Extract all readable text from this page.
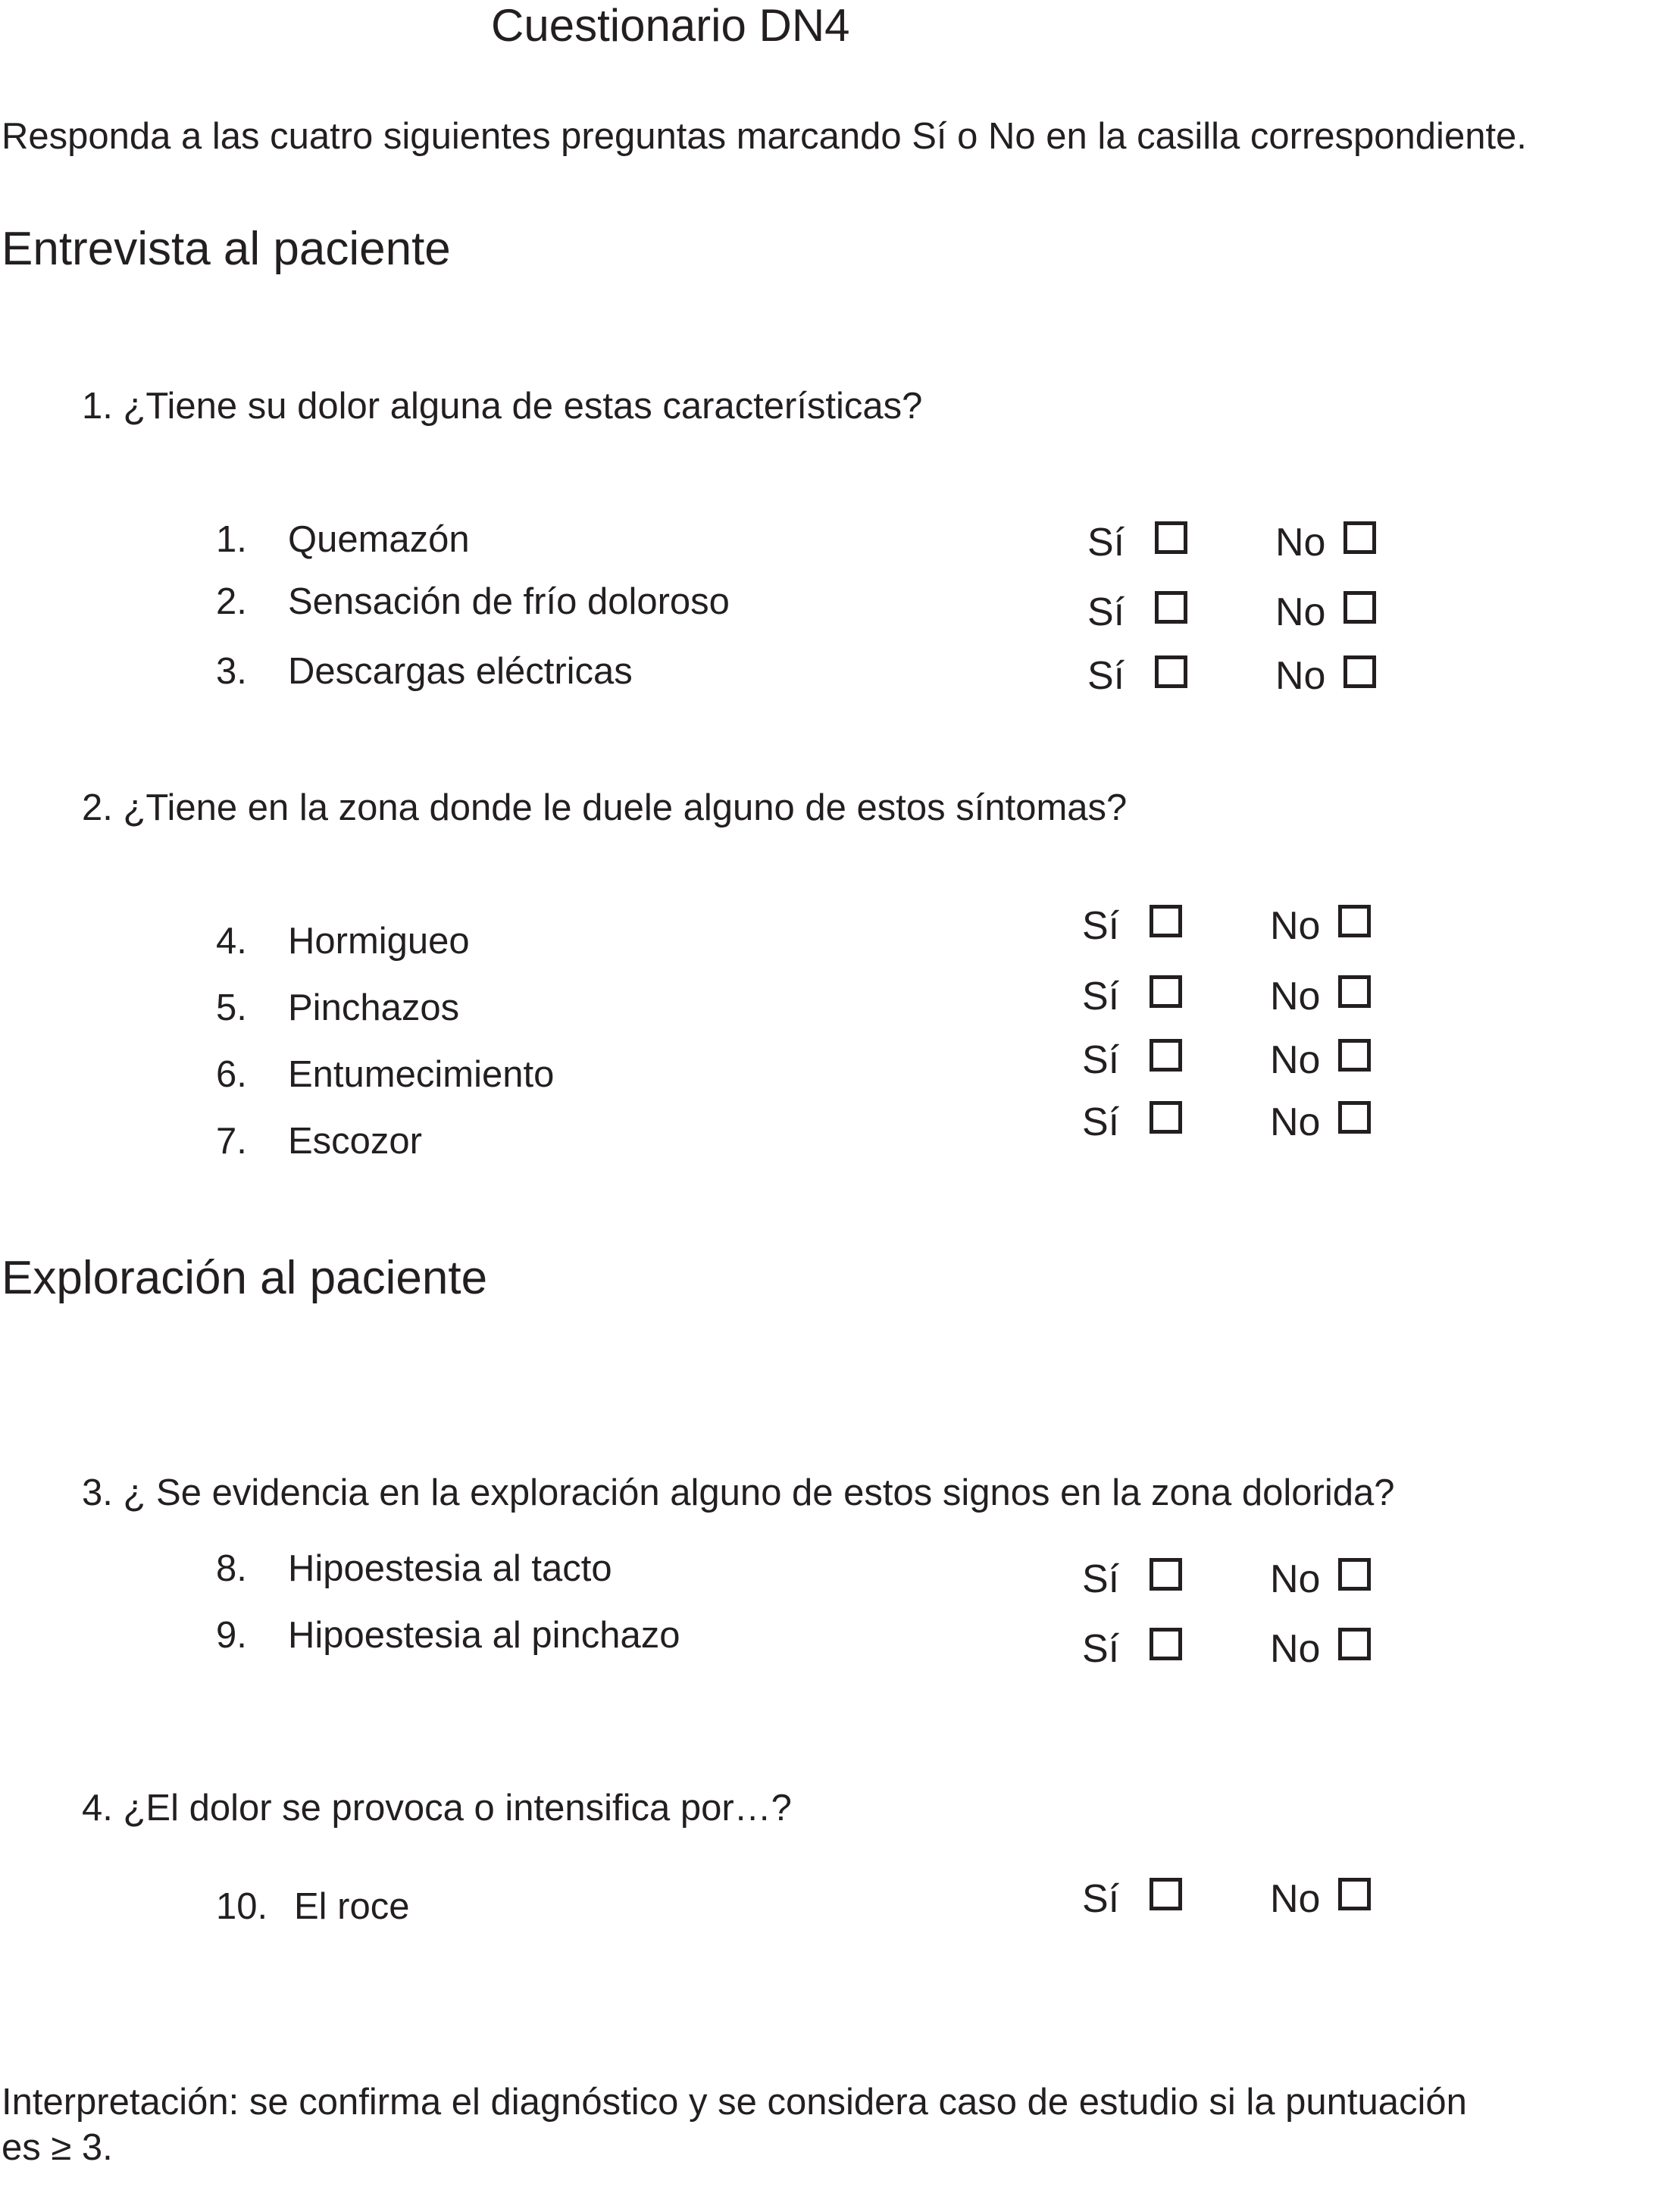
Cuestionario DN4
Responda a las cuatro siguientes preguntas marcando Sí o No en la casilla correspondiente.
Entrevista al paciente
1. ¿Tiene su dolor alguna de estas características?
1. Quemazón	Sí	No
2. Sensación de frío doloroso	Sí	No
3. Descargas eléctricas	Sí	No
2. ¿Tiene en la zona donde le duele alguno de estos síntomas?
4. Hormigueo	Sí	No
5. Pinchazos	Sí	No
6. Entumecimiento	Sí	No
7. Escozor	Sí	No
Exploración al paciente
3. ¿ Se evidencia en la exploración alguno de estos signos en la zona dolorida?
8. Hipoestesia al tacto	Sí	No
9. Hipoestesia al pinchazo	Sí	No
4. ¿El dolor se provoca o intensifica por…?
10. El roce	Sí	No
Interpretación: se confirma el diagnóstico y se considera caso de estudio si la puntuación
es ≥ 3.
